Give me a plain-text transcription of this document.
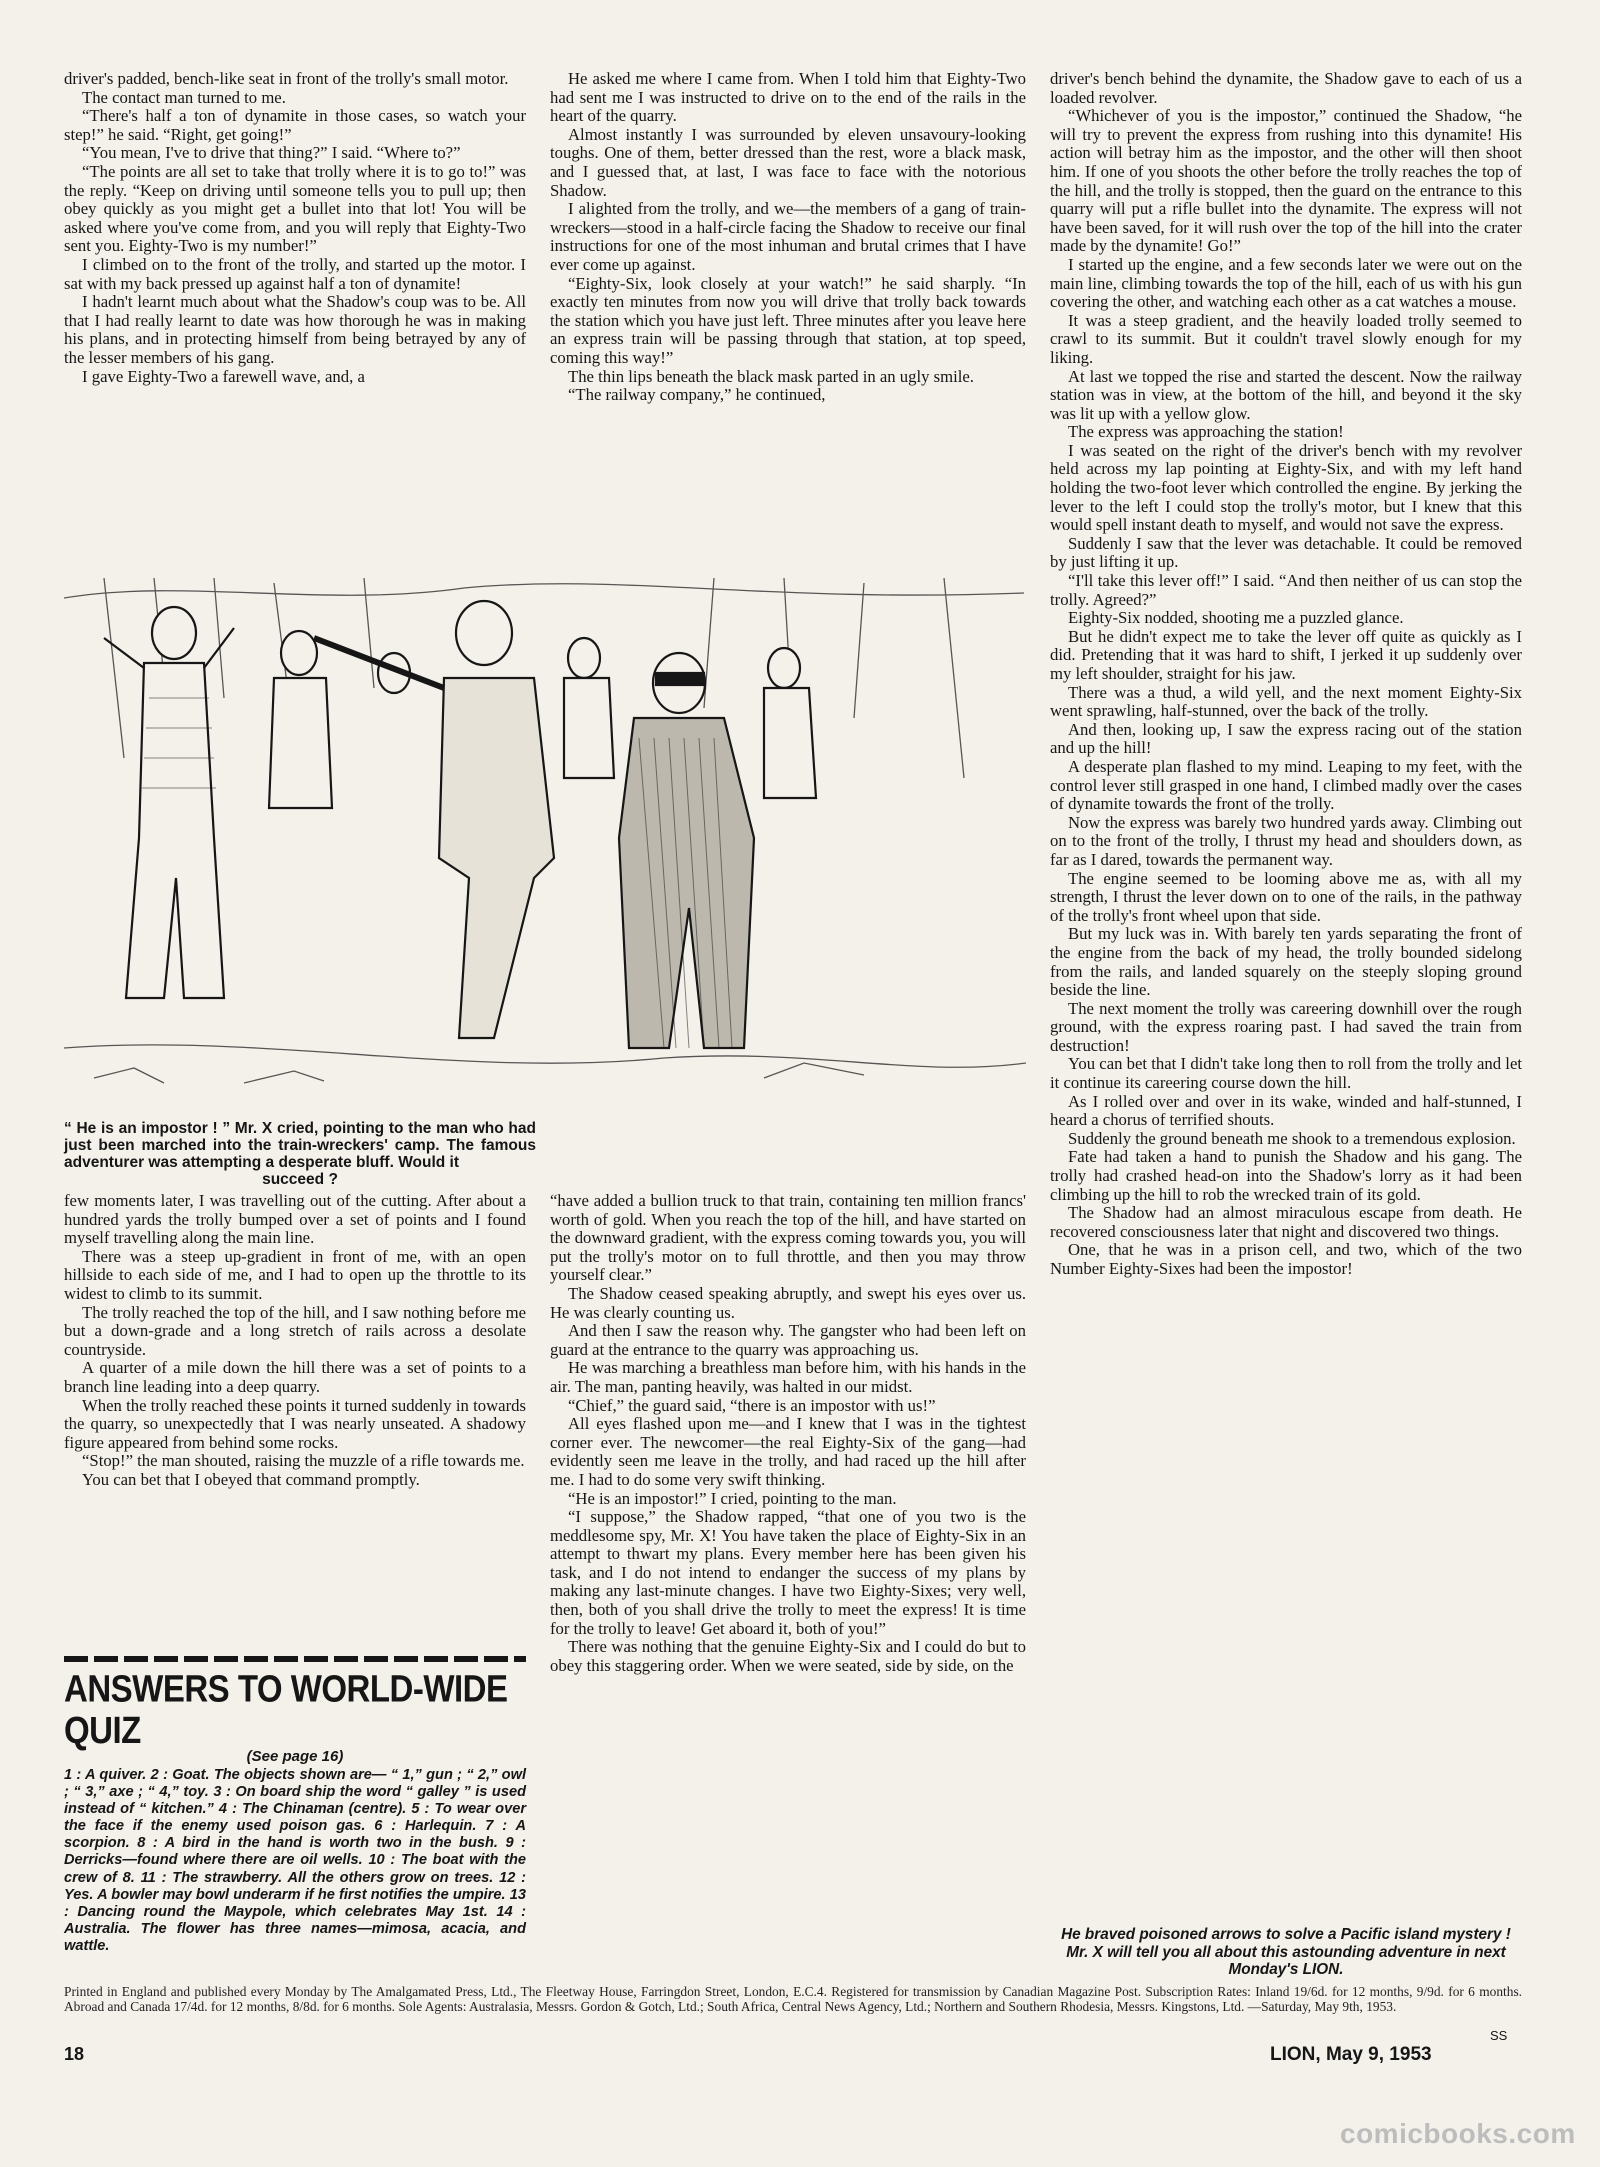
driver's padded, bench-like seat in front of the trolly's small motor.

The contact man turned to me.

“There's half a ton of dynamite in those cases, so watch your step!” he said. “Right, get going!”

“You mean, I've to drive that thing?” I said. “Where to?”

“The points are all set to take that trolly where it is to go to!” was the reply. “Keep on driving until someone tells you to pull up; then obey quickly as you might get a bullet into that lot! You will be asked where you've come from, and you will reply that Eighty-Two sent you. Eighty-Two is my number!”

I climbed on to the front of the trolly, and started up the motor. I sat with my back pressed up against half a ton of dynamite!

I hadn't learnt much about what the Shadow's coup was to be. All that I had really learnt to date was how thorough he was in making his plans, and in protecting himself from being betrayed by any of the lesser members of his gang.

I gave Eighty-Two a farewell wave, and, a

He asked me where I came from. When I told him that Eighty-Two had sent me I was instructed to drive on to the end of the rails in the heart of the quarry.

Almost instantly I was surrounded by eleven unsavoury-looking toughs. One of them, better dressed than the rest, wore a black mask, and I guessed that, at last, I was face to face with the notorious Shadow.

I alighted from the trolly, and we—the members of a gang of train-wreckers—stood in a half-circle facing the Shadow to receive our final instructions for one of the most inhuman and brutal crimes that I have ever come up against.

“Eighty-Six, look closely at your watch!” he said sharply. “In exactly ten minutes from now you will drive that trolly back towards the station which you have just left. Three minutes after you leave here an express train will be passing through that station, at top speed, coming this way!”

The thin lips beneath the black mask parted in an ugly smile.

“The railway company,” he continued,

driver's bench behind the dynamite, the Shadow gave to each of us a loaded revolver.

“Whichever of you is the impostor,” continued the Shadow, “he will try to prevent the express from rushing into this dynamite! His action will betray him as the impostor, and the other will then shoot him. If one of you shoots the other before the trolly reaches the top of the hill, and the trolly is stopped, then the guard on the entrance to this quarry will put a rifle bullet into the dynamite. The express will not have been saved, for it will rush over the top of the hill into the crater made by the dynamite! Go!”

I started up the engine, and a few seconds later we were out on the main line, climbing towards the top of the hill, each of us with his gun covering the other, and watching each other as a cat watches a mouse.

It was a steep gradient, and the heavily loaded trolly seemed to crawl to its summit. But it couldn't travel slowly enough for my liking.

At last we topped the rise and started the descent. Now the railway station was in view, at the bottom of the hill, and beyond it the sky was lit up with a yellow glow.

The express was approaching the station!

I was seated on the right of the driver's bench with my revolver held across my lap pointing at Eighty-Six, and with my left hand holding the two-foot lever which controlled the engine. By jerking the lever to the left I could stop the trolly's motor, but I knew that this would spell instant death to myself, and would not save the express.

Suddenly I saw that the lever was detachable. It could be removed by just lifting it up.

“I'll take this lever off!” I said. “And then neither of us can stop the trolly. Agreed?”

Eighty-Six nodded, shooting me a puzzled glance.

But he didn't expect me to take the lever off quite as quickly as I did. Pretending that it was hard to shift, I jerked it up suddenly over my left shoulder, straight for his jaw.

There was a thud, a wild yell, and the next moment Eighty-Six went sprawling, half-stunned, over the back of the trolly.

And then, looking up, I saw the express racing out of the station and up the hill!

A desperate plan flashed to my mind. Leaping to my feet, with the control lever still grasped in one hand, I climbed madly over the cases of dynamite towards the front of the trolly.

Now the express was barely two hundred yards away. Climbing out on to the front of the trolly, I thrust my head and shoulders down, as far as I dared, towards the permanent way.

The engine seemed to be looming above me as, with all my strength, I thrust the lever down on to one of the rails, in the pathway of the trolly's front wheel upon that side.

But my luck was in. With barely ten yards separating the front of the engine from the back of my head, the trolly bounded sidelong from the rails, and landed squarely on the steeply sloping ground beside the line.

The next moment the trolly was careering downhill over the rough ground, with the express roaring past. I had saved the train from destruction!

You can bet that I didn't take long then to roll from the trolly and let it continue its careering course down the hill.

As I rolled over and over in its wake, winded and half-stunned, I heard a chorus of terrified shouts.

Suddenly the ground beneath me shook to a tremendous explosion.

Fate had taken a hand to punish the Shadow and his gang. The trolly had crashed head-on into the Shadow's lorry as it had been climbing up the hill to rob the wrecked train of its gold.

The Shadow had an almost miraculous escape from death. He recovered consciousness later that night and discovered two things.

One, that he was in a prison cell, and two, which of the two Number Eighty-Sixes had been the impostor!

“ He is an impostor ! ” Mr. X cried, pointing to the man who had just been marched into the train-wreckers' camp. The famous adventurer was attempting a desperate bluff. Would it
succeed ?

few moments later, I was travelling out of the cutting. After about a hundred yards the trolly bumped over a set of points and I found myself travelling along the main line.

There was a steep up-gradient in front of me, with an open hillside to each side of me, and I had to open up the throttle to its widest to climb to its summit.

The trolly reached the top of the hill, and I saw nothing before me but a down-grade and a long stretch of rails across a desolate countryside.

A quarter of a mile down the hill there was a set of points to a branch line leading into a deep quarry.

When the trolly reached these points it turned suddenly in towards the quarry, so unexpectedly that I was nearly unseated. A shadowy figure appeared from behind some rocks.

“Stop!” the man shouted, raising the muzzle of a rifle towards me.

You can bet that I obeyed that command promptly.

“have added a bullion truck to that train, containing ten million francs' worth of gold. When you reach the top of the hill, and have started on the downward gradient, with the express coming towards you, you will put the trolly's motor on to full throttle, and then you may throw yourself clear.”

The Shadow ceased speaking abruptly, and swept his eyes over us. He was clearly counting us.

And then I saw the reason why. The gangster who had been left on guard at the entrance to the quarry was approaching us.

He was marching a breathless man before him, with his hands in the air. The man, panting heavily, was halted in our midst.

“Chief,” the guard said, “there is an impostor with us!”

All eyes flashed upon me—and I knew that I was in the tightest corner ever. The newcomer—the real Eighty-Six of the gang—had evidently seen me leave in the trolly, and had raced up the hill after me. I had to do some very swift thinking.

“He is an impostor!” I cried, pointing to the man.

“I suppose,” the Shadow rapped, “that one of you two is the meddlesome spy, Mr. X! You have taken the place of Eighty-Six in an attempt to thwart my plans. Every member here has been given his task, and I do not intend to endanger the success of my plans by making any last-minute changes. I have two Eighty-Sixes; very well, then, both of you shall drive the trolly to meet the express! It is time for the trolly to leave! Get aboard it, both of you!”

There was nothing that the genuine Eighty-Six and I could do but to obey this staggering order. When we were seated, side by side, on the

ANSWERS TO WORLD-WIDE QUIZ
(See page 16)

1 : A quiver. 2 : Goat. The objects shown are— “ 1,” gun ; “ 2,” owl ; “ 3,” axe ; “ 4,” toy. 3 : On board ship the word “ galley ” is used instead of “ kitchen.” 4 : The Chinaman (centre). 5 : To wear over the face if the enemy used poison gas. 6 : Harlequin. 7 : A scorpion. 8 : A bird in the hand is worth two in the bush. 9 : Derricks—found where there are oil wells. 10 : The boat with the crew of 8. 11 : The strawberry. All the others grow on trees. 12 : Yes. A bowler may bowl underarm if he first notifies the umpire. 13 : Dancing round the Maypole, which celebrates May 1st. 14 : Australia. The flower has three names—mimosa, acacia, and wattle.

He braved poisoned arrows to solve a Pacific island mystery ! Mr. X will tell you all about this astounding adventure in next Monday's LION.
Printed in England and published every Monday by The Amalgamated Press, Ltd., The Fleetway House, Farringdon Street, London, E.C.4. Registered for transmission by Canadian Magazine Post. Subscription Rates: Inland 19/6d. for 12 months, 9/9d. for 6 months. Abroad and Canada 17/4d. for 12 months, 8/8d. for 6 months. Sole Agents: Australasia, Messrs. Gordon & Gotch, Ltd.; South Africa, Central News Agency, Ltd.; Northern and Southern Rhodesia, Messrs. Kingstons, Ltd. —Saturday, May 9th, 1953.
SS
18	LION, May 9, 1953
comicbooks.com
